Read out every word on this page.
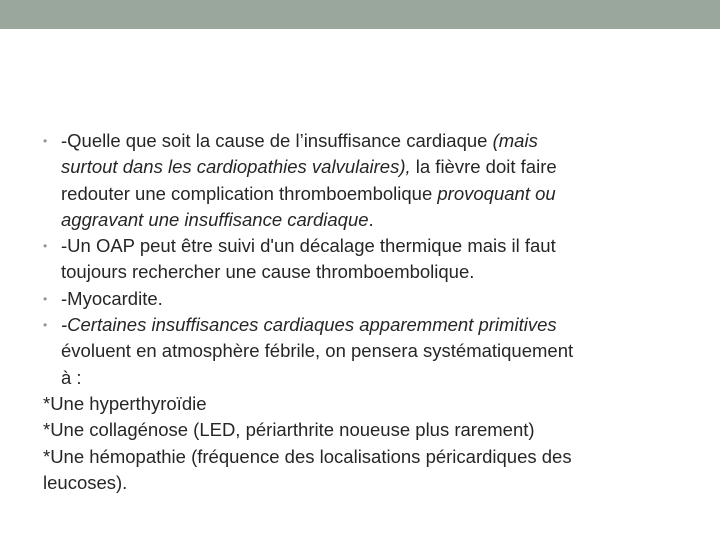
• -Quelle que soit la cause de l’insuffisance cardiaque (mais
surtout dans les cardiopathies valvulaires), la fièvre doit faire
redouter une complication thromboembolique provoquant ou
aggravant une insuffisance cardiaque.
• -Un OAP peut être suivi d'un décalage thermique mais il faut
toujours rechercher une cause thromboembolique.
• -Myocardite.
• -Certaines insuffisances cardiaques apparemment primitives
évoluent en atmosphère fébrile, on pensera systématiquement
à :
*Une hyperthyroïdie
*Une collagénose (LED, périarthrite noueuse plus rarement)
*Une hémopathie (fréquence des localisations péricardiques des
leucoses).
